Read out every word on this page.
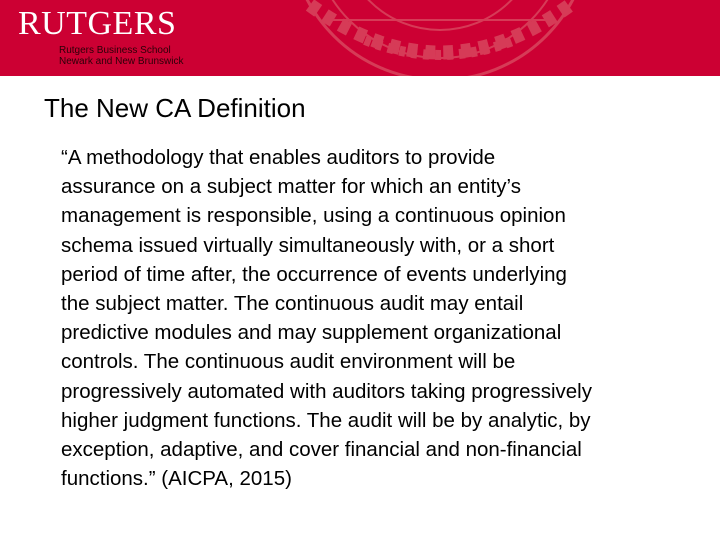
RUTGERS
Rutgers Business School
Newark and New Brunswick
The New CA Definition

“A methodology that enables auditors to provide
assurance on a subject matter for which an entity’s
management is responsible, using a continuous opinion
schema issued virtually simultaneously with, or a short
period of time after, the occurrence of events underlying
the subject matter. The continuous audit may entail
predictive modules and may supplement organizational
controls. The continuous audit environment will be
progressively automated with auditors taking progressively
higher judgment functions. The audit will be by analytic, by
exception, adaptive, and cover financial and non-financial
functions.” (AICPA, 2015)
